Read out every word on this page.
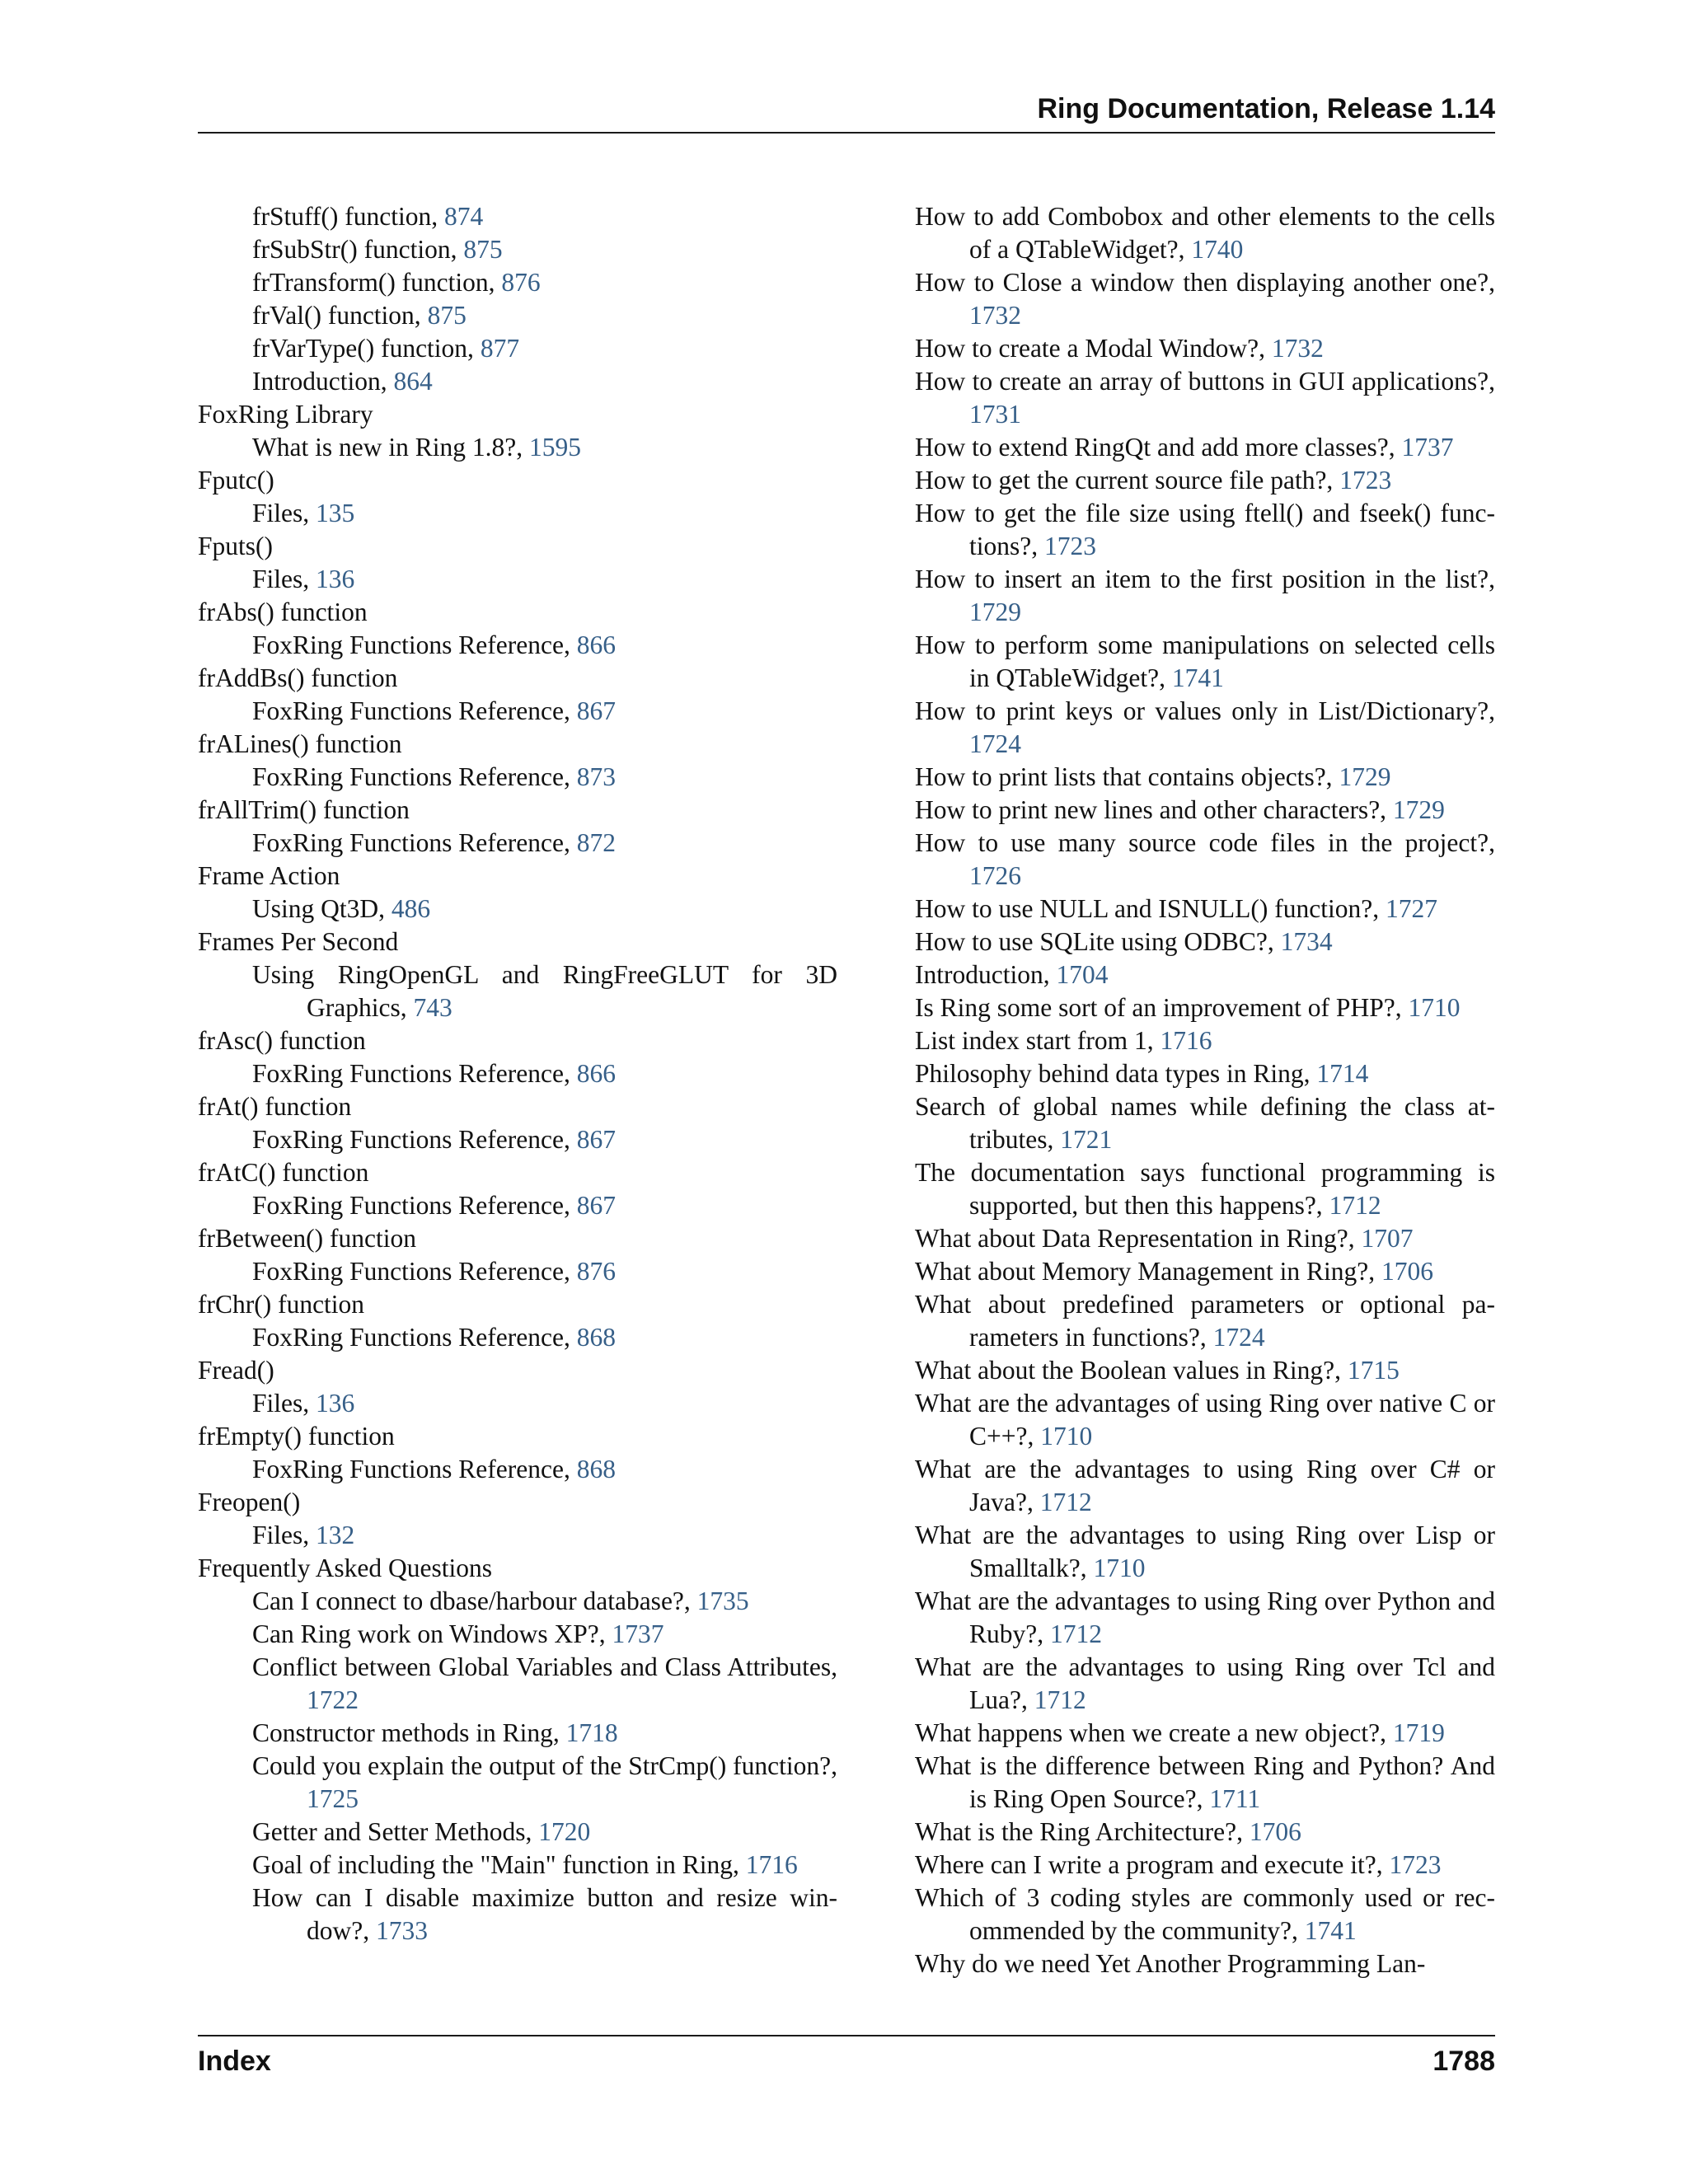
Ring Documentation, Release 1.14
frStuff() function, 874
frSubStr() function, 875
frTransform() function, 876
frVal() function, 875
frVarType() function, 877
Introduction, 864
FoxRing Library
What is new in Ring 1.8?, 1595
Fputc()
Files, 135
Fputs()
Files, 136
frAbs() function
FoxRing Functions Reference, 866
frAddBs() function
FoxRing Functions Reference, 867
frALines() function
FoxRing Functions Reference, 873
frAllTrim() function
FoxRing Functions Reference, 872
Frame Action
Using Qt3D, 486
Frames Per Second
Using RingOpenGL and RingFreeGLUT for 3D Graphics, 743
frAsc() function
FoxRing Functions Reference, 866
frAt() function
FoxRing Functions Reference, 867
frAtC() function
FoxRing Functions Reference, 867
frBetween() function
FoxRing Functions Reference, 876
frChr() function
FoxRing Functions Reference, 868
Fread()
Files, 136
frEmpty() function
FoxRing Functions Reference, 868
Freopen()
Files, 132
Frequently Asked Questions
Can I connect to dbase/harbour database?, 1735
Can Ring work on Windows XP?, 1737
Conflict between Global Variables and Class Attributes, 1722
Constructor methods in Ring, 1718
Could you explain the output of the StrCmp() function?, 1725
Getter and Setter Methods, 1720
Goal of including the "Main" function in Ring, 1716
How can I disable maximize button and resize window?, 1733
How to add Combobox and other elements to the cells of a QTableWidget?, 1740
How to Close a window then displaying another one?, 1732
How to create a Modal Window?, 1732
How to create an array of buttons in GUI applications?, 1731
How to extend RingQt and add more classes?, 1737
How to get the current source file path?, 1723
How to get the file size using ftell() and fseek() functions?, 1723
How to insert an item to the first position in the list?, 1729
How to perform some manipulations on selected cells in QTableWidget?, 1741
How to print keys or values only in List/Dictionary?, 1724
How to print lists that contains objects?, 1729
How to print new lines and other characters?, 1729
How to use many source code files in the project?, 1726
How to use NULL and ISNULL() function?, 1727
How to use SQLite using ODBC?, 1734
Introduction, 1704
Is Ring some sort of an improvement of PHP?, 1710
List index start from 1, 1716
Philosophy behind data types in Ring, 1714
Search of global names while defining the class attributes, 1721
The documentation says functional programming is supported, but then this happens?, 1712
What about Data Representation in Ring?, 1707
What about Memory Management in Ring?, 1706
What about predefined parameters or optional parameters in functions?, 1724
What about the Boolean values in Ring?, 1715
What are the advantages of using Ring over native C or C++?, 1710
What are the advantages to using Ring over C# or Java?, 1712
What are the advantages to using Ring over Lisp or Smalltalk?, 1710
What are the advantages to using Ring over Python and Ruby?, 1712
What are the advantages to using Ring over Tcl and Lua?, 1712
What happens when we create a new object?, 1719
What is the difference between Ring and Python? And is Ring Open Source?, 1711
What is the Ring Architecture?, 1706
Where can I write a program and execute it?, 1723
Which of 3 coding styles are commonly used or recommended by the community?, 1741
Why do we need Yet Another Programming Lan-
Index	1788
